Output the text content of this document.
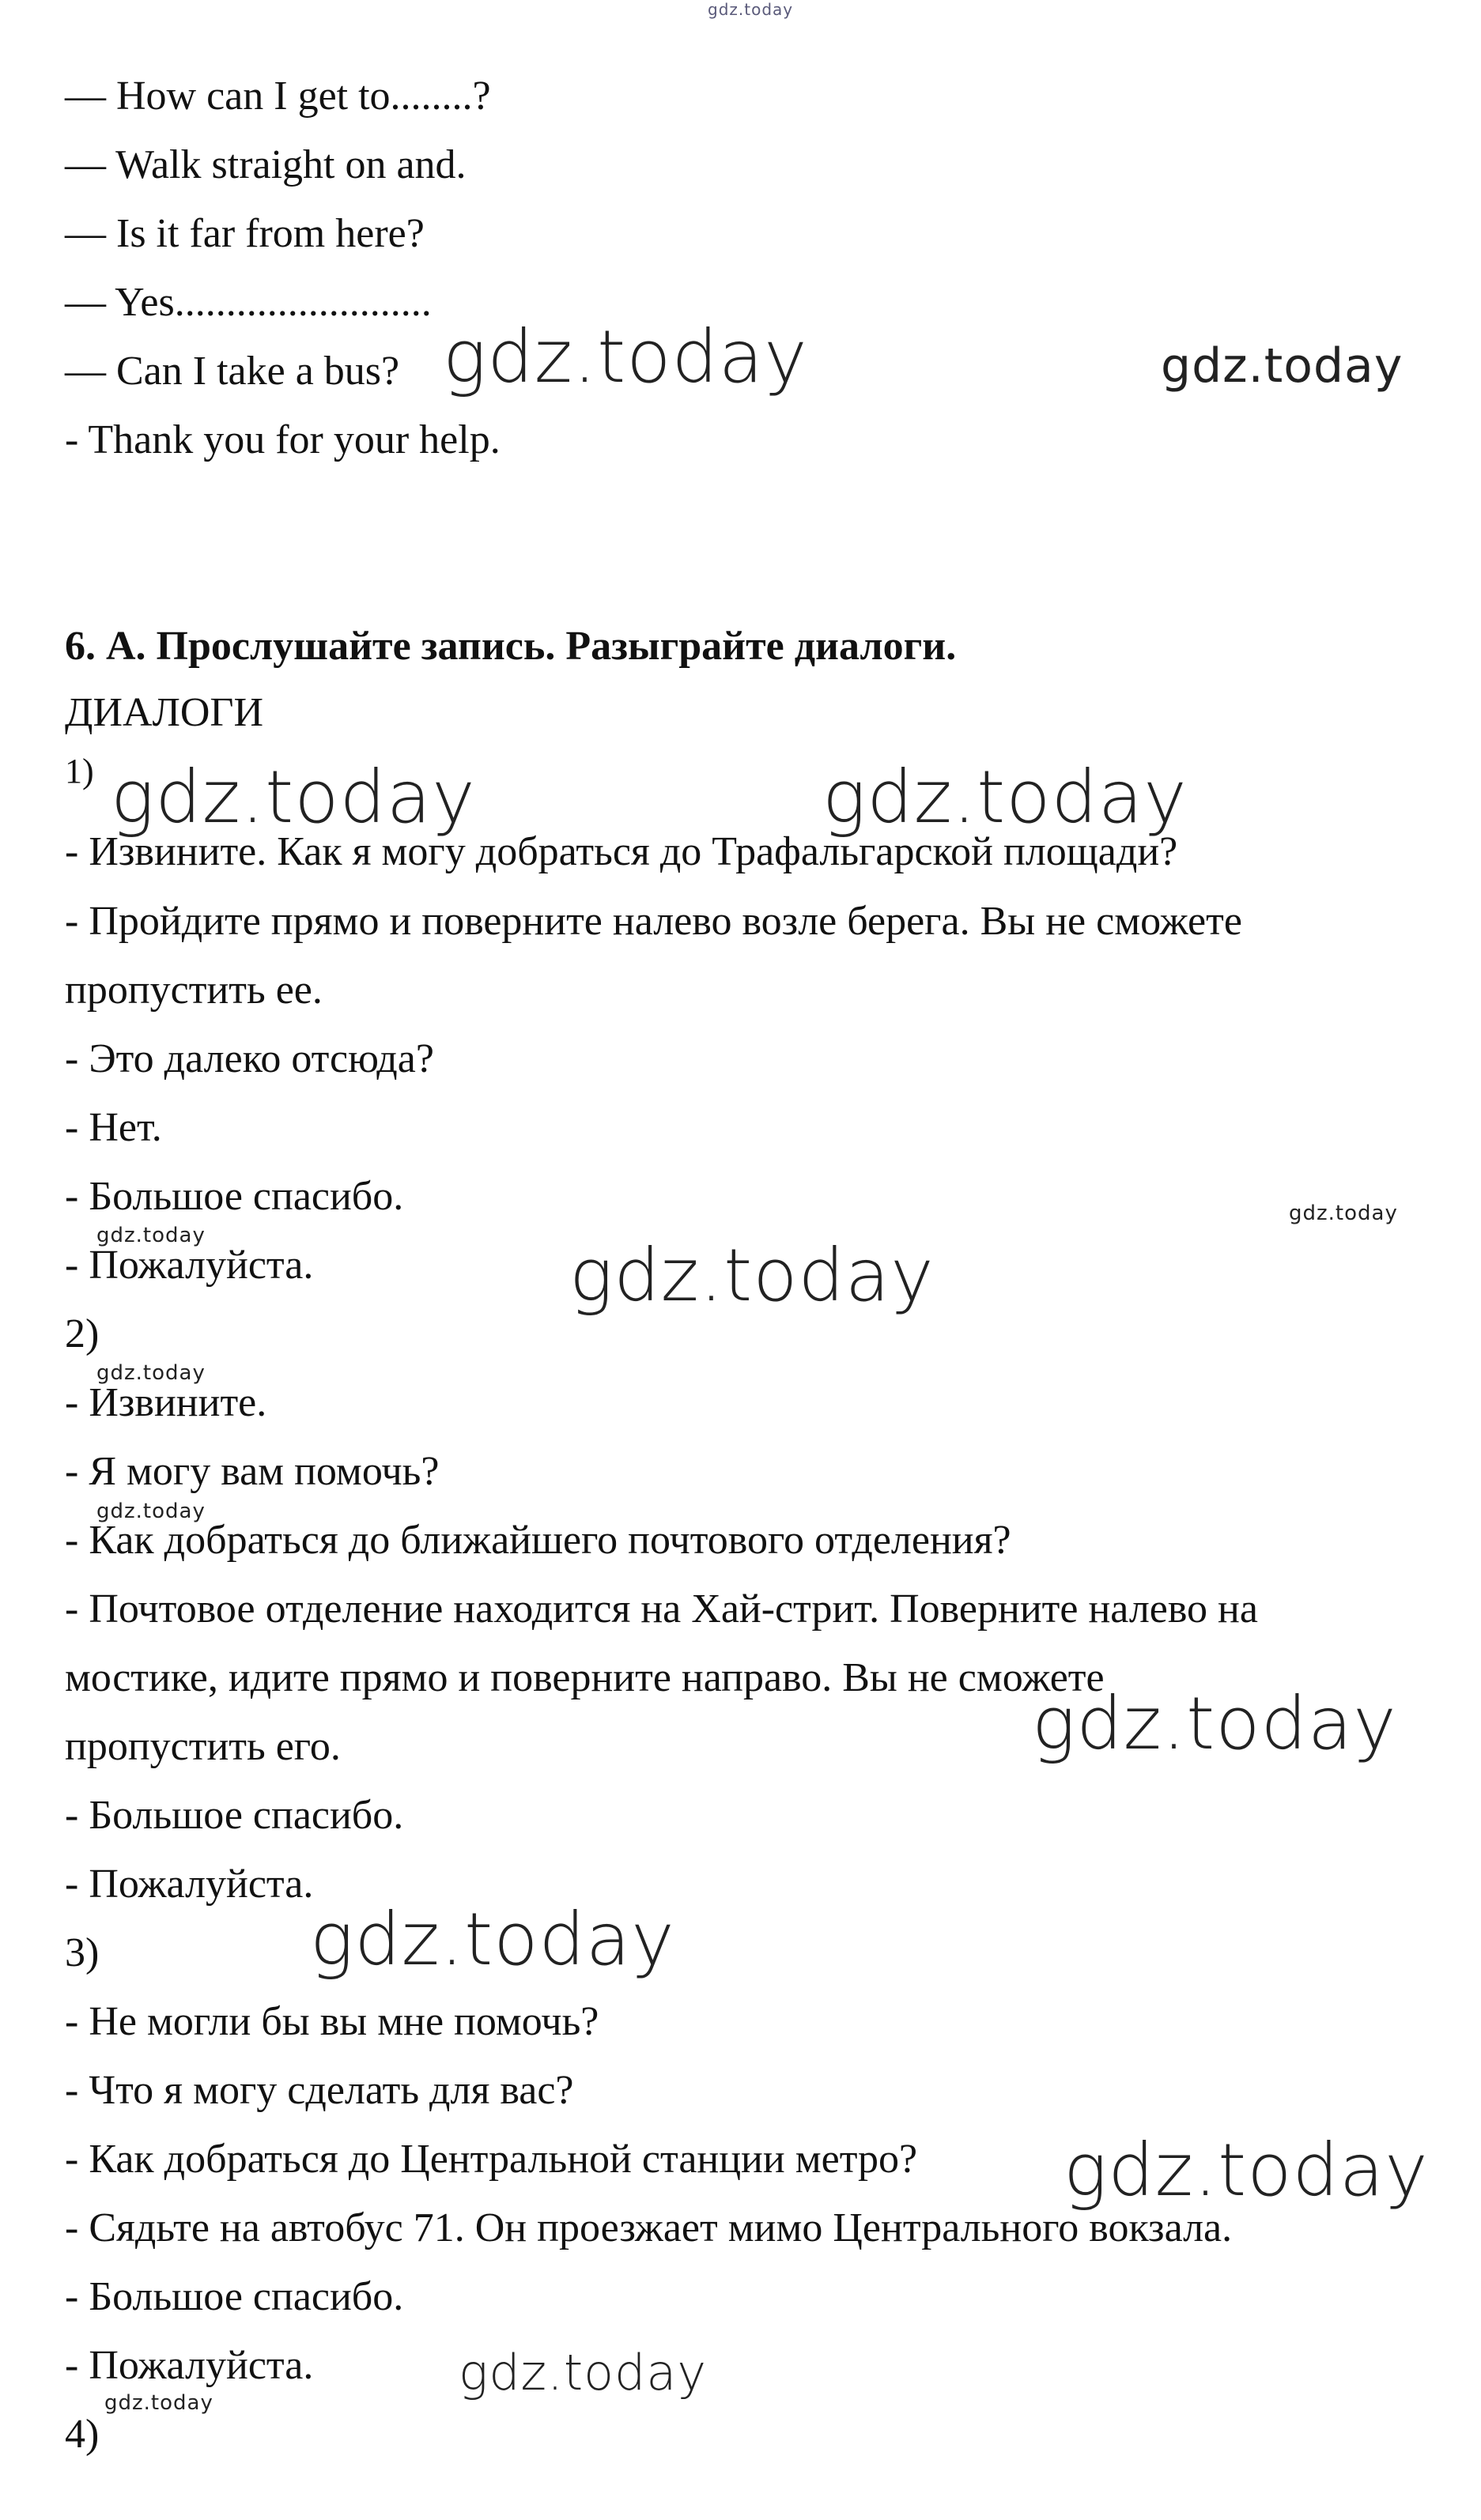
gdz.today
— How can I get to........?
— Walk straight on and.
— Is it far from here?
— Yes.........................
— Can I take a bus?
- Thank you for your help.
gdz.today	gdz.today
6. А. Прослушайте запись. Разыграйте диалоги.
ДИАЛОГИ
$^{1)}$ gdz.today	gdz.today
- Извините. Как я могу добраться до Трафальгарской площади?
- Пройдите прямо и поверните налево возле берега. Вы не сможете
пропустить ее.
- Это далеко отсюда?
- Нет.
- Большое спасибо.	gdz.today
gdz.today
- Пожалуйста.	gdz.today
2)
gdz.today
- Извините.
- Я могу вам помочь?
gdz.today
- Как добраться до ближайшего почтового отделения?
- Почтовое отделение находится на Хай-стрит. Поверните налево на
мостике, идите прямо и поверните направо. Вы не сможете
gdz.today
пропустить его.
- Большое спасибо.
- Пожалуйста.
3)	gdz.today
- Не могли бы вы мне помочь?
- Что я могу сделать для вас?
- Как добраться до Центральной станции метро? gdz.today
- Сядьте на автобус 71. Он проезжает мимо Центрального вокзала.
- Большое спасибо.
- Пожалуйста.	gdz.today
gdz.today
4)
